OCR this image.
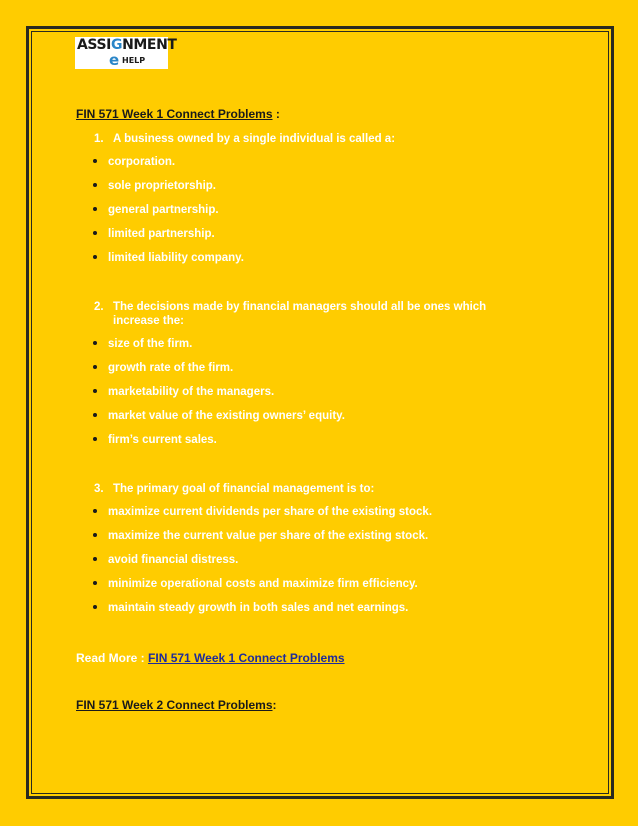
ASSIGNMENT
e HELP
FIN 571 Week 1 Connect Problems :
1. A business owned by a single individual is called a:
corporation.
sole proprietorship.
general partnership.
limited partnership.
limited liability company.
2. The decisions made by financial managers should all be ones which increase the:
size of the firm.
growth rate of the firm.
marketability of the managers.
market value of the existing owners’ equity.
firm’s current sales.
3. The primary goal of financial management is to:
maximize current dividends per share of the existing stock.
maximize the current value per share of the existing stock.
avoid financial distress.
minimize operational costs and maximize firm efficiency.
maintain steady growth in both sales and net earnings.
Read More : FIN 571 Week 1 Connect Problems
FIN 571 Week 2 Connect Problems:
